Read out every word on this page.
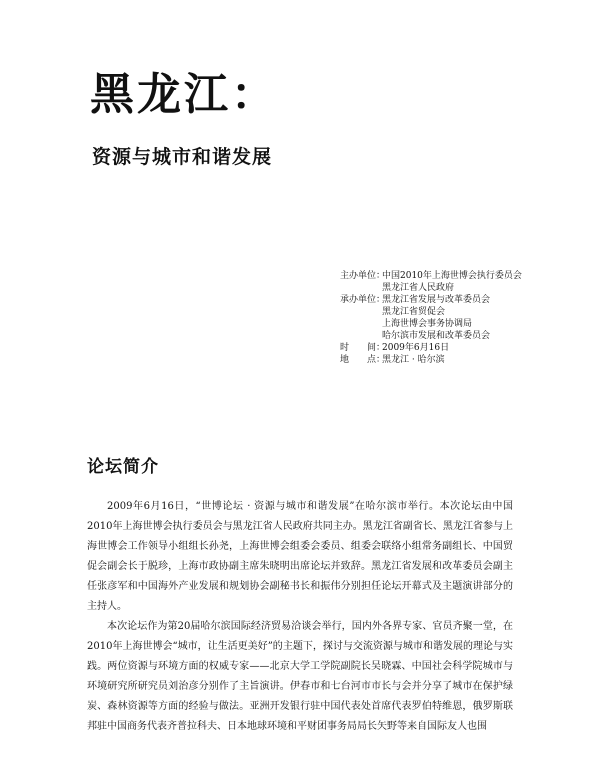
黑龙江：
资源与城市和谐发展
主办单位：
中国2010年上海世博会执行委员会
黑龙江省人民政府
承办单位：
黑龙江省发展与改革委员会
黑龙江省贸促会
上海世博会事务协调局
哈尔滨市发展和改革委员会
时　　间：
2009年6月16日
地　　点：
黑龙江 · 哈尔滨
论坛简介

2009年6月16日，“世博论坛 · 资源与城市和谐发展”在哈尔滨市举行。本次论坛由中国2010年上海世博会执行委员会与黑龙江省人民政府共同主办。黑龙江省副省长、黑龙江省参与上海世博会工作领导小组组长孙尧，上海世博会组委会委员、组委会联络小组常务副组长、中国贸促会副会长于脱珍，上海市政协副主席朱晓明出席论坛并致辞。黑龙江省发展和改革委员会副主任张彦军和中国海外产业发展和规划协会副秘书长和振伟分别担任论坛开幕式及主题演讲部分的主持人。

本次论坛作为第20届哈尔滨国际经济贸易洽谈会举行，国内外各界专家、官员齐聚一堂，在2010年上海世博会“城市，让生活更美好”的主题下，探讨与交流资源与城市和谐发展的理论与实践。两位资源与环境方面的权威专家——北京大学工学院副院长吴晓霖、中国社会科学院城市与环境研究所研究员刘治彦分别作了主旨演讲。伊春市和七台河市市长与会并分享了城市在保护绿炭、森林资源等方面的经验与做法。亚洲开发银行驻中国代表处首席代表罗伯特维恩，俄罗斯联邦驻中国商务代表齐普拉科夫、日本地球环境和平财团事务局局长矢野等来自国际友人也围
